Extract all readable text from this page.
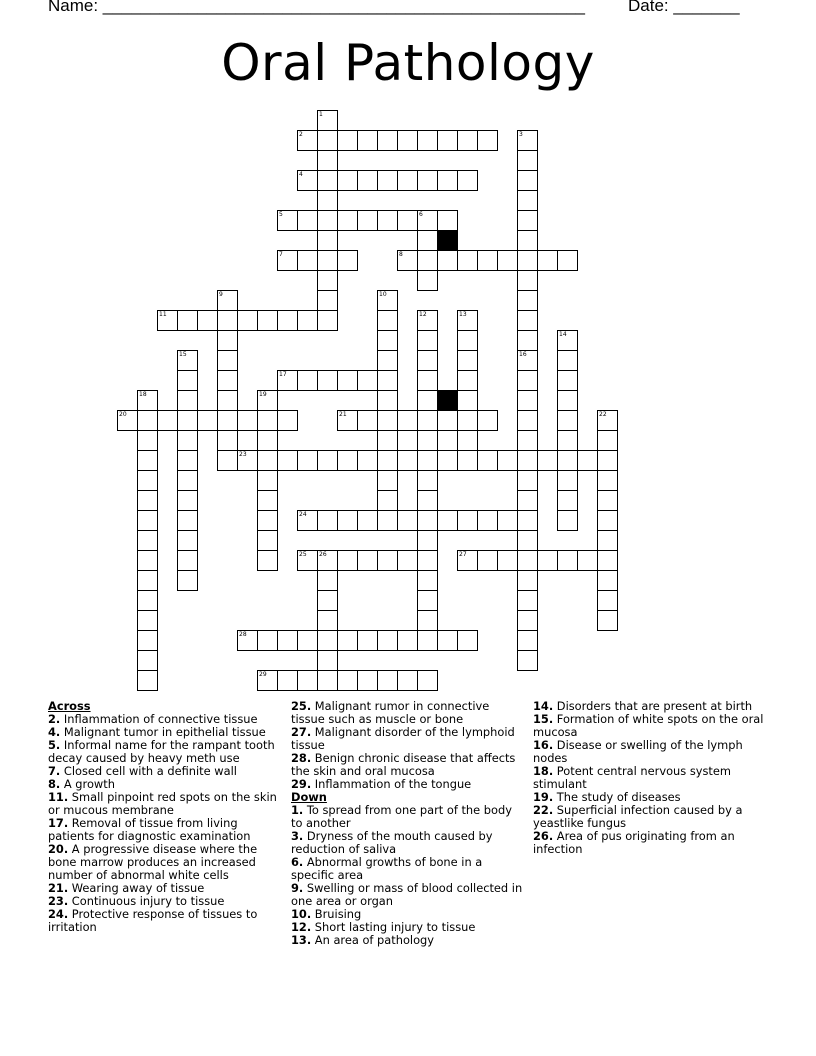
Name: ___________________________________________________	Date: _______
Oral Pathology
2
4
5	6
7	8
11
17
20	21
23
24
25 26	27
28
29
1
3
9	10
12	13
14
15	16
18	19
22

Across

2. Inflammation of connective tissue

4. Malignant tumor in epithelial tissue

5. Informal name for the rampant tooth decay caused by heavy meth use

7. Closed cell with a definite wall

8. A growth

11. Small pinpoint red spots on the skin or mucous membrane

17. Removal of tissue from living patients for diagnostic examination

20. A progressive disease where the bone marrow produces an increased number of abnormal white cells

21. Wearing away of tissue

23. Continuous injury to tissue

24. Protective response of tissues to irritation

25. Malignant rumor in connective tissue such as muscle or bone

27. Malignant disorder of the lymphoid tissue

28. Benign chronic disease that affects the skin and oral mucosa

29. Inflammation of the tongue

Down

1. To spread from one part of the body to another

3. Dryness of the mouth caused by reduction of saliva

6. Abnormal growths of bone in a specific area

9. Swelling or mass of blood collected in one area or organ

10. Bruising

12. Short lasting injury to tissue

13. An area of pathology

14. Disorders that are present at birth

15. Formation of white spots on the oral mucosa

16. Disease or swelling of the lymph nodes

18. Potent central nervous system stimulant

19. The study of diseases

22. Superficial infection caused by a yeastlike fungus

26. Area of pus originating from an infection
